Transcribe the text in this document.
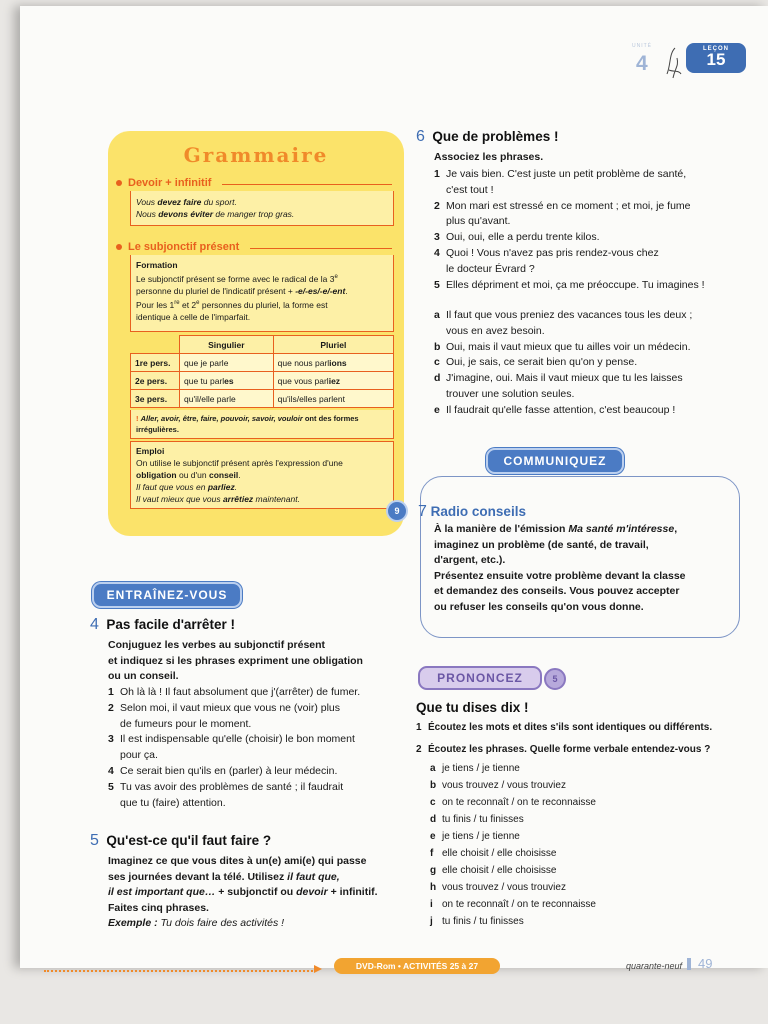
UNITÉ
4
LEÇON
15
Grammaire
Devoir + infinitif
Vous devez faire du sport.
Nous devons éviter de manger trop gras.
Le subjonctif présent
Formation
Le subjonctif présent se forme avec le radical de la 3e
personne du pluriel de l'indicatif présent + -e/-es/-e/-ent.
Pour les 1re et 2e personnes du pluriel, la forme est
identique à celle de l'imparfait.
	Singulier	Pluriel
1re pers.	que je parle	que nous parlions
2e pers.	que tu parles	que vous parliez
3e pers.	qu'il/elle parle	qu'ils/elles parlent
! Aller, avoir, être, faire, pouvoir, savoir, vouloir ont des formes irrégulières.
Emploi
On utilise le subjonctif présent après l'expression d'une
obligation ou d'un conseil.
Il faut que vous en parliez.
Il vaut mieux que vous arrêtiez maintenant.
ENTRAÎNEZ-VOUS
4 Pas facile d'arrêter !
Conjuguez les verbes au subjonctif présent
et indiquez si les phrases expriment une obligation
ou un conseil.
1 Oh là là ! Il faut absolument que j'(arrêter) de fumer.
2 Selon moi, il vaut mieux que vous ne (voir) plus
de fumeurs pour le moment.
3 Il est indispensable qu'elle (choisir) le bon moment
pour ça.
4 Ce serait bien qu'ils en (parler) à leur médecin.
5 Tu vas avoir des problèmes de santé ; il faudrait
que tu (faire) attention.
5 Qu'est-ce qu'il faut faire ?
Imaginez ce que vous dites à un(e) ami(e) qui passe
ses journées devant la télé. Utilisez il faut que,
il est important que… + subjonctif ou devoir + infinitif.
Faites cinq phrases.
Exemple : Tu dois faire des activités !
6 Que de problèmes !
Associez les phrases.
1 Je vais bien. C'est juste un petit problème de santé,
c'est tout !
2 Mon mari est stressé en ce moment ; et moi, je fume
plus qu'avant.
3 Oui, oui, elle a perdu trente kilos.
4 Quoi ! Vous n'avez pas pris rendez-vous chez
le docteur Évrard ?
5 Elles dépriment et moi, ça me préoccupe. Tu imagines !
a Il faut que vous preniez des vacances tous les deux ;
vous en avez besoin.
b Oui, mais il vaut mieux que tu ailles voir un médecin.
c Oui, je sais, ce serait bien qu'on y pense.
d J'imagine, oui. Mais il vaut mieux que tu les laisses
trouver une solution seules.
e Il faudrait qu'elle fasse attention, c'est beaucoup !
COMMUNIQUEZ
9	7 Radio conseils
À la manière de l'émission Ma santé m'intéresse,
imaginez un problème (de santé, de travail,
d'argent, etc.).
Présentez ensuite votre problème devant la classe
et demandez des conseils. Vous pouvez accepter
ou refuser les conseils qu'on vous donne.
PRONONCEZ	5
Que tu dises dix !
1 Écoutez les mots et dites s'ils sont identiques ou différents.
2 Écoutez les phrases. Quelle forme verbale entendez-vous ?
a je tiens / je tienne
b vous trouvez / vous trouviez
c on te reconnaît / on te reconnaisse
d tu finis / tu finisses
e je tiens / je tienne
f elle choisit / elle choisisse
g elle choisit / elle choisisse
h vous trouvez / vous trouviez
i on te reconnaît / on te reconnaisse
j tu finis / tu finisses
DVD-Rom • ACTIVITÉS 25 à 27	quarante-neuf 49
